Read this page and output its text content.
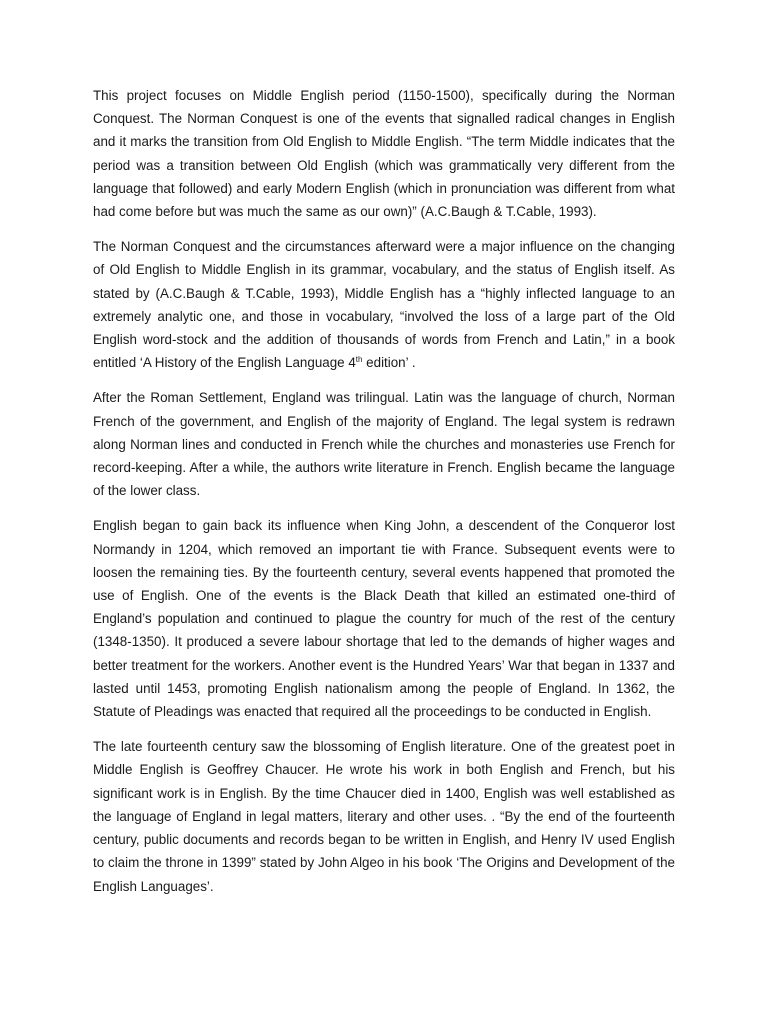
This project focuses on Middle English period (1150-1500), specifically during the Norman Conquest. The Norman Conquest is one of the events that signalled radical changes in English and it marks the transition from Old English to Middle English. “The term Middle indicates that the period was a transition between Old English (which was grammatically very different from the language that followed) and early Modern English (which in pronunciation was different from what had come before but was much the same as our own)” (A.C.Baugh & T.Cable, 1993).

The Norman Conquest and the circumstances afterward were a major influence on the changing of Old English to Middle English in its grammar, vocabulary, and the status of English itself. As stated by (A.C.Baugh & T.Cable, 1993), Middle English has a “highly inflected language to an extremely analytic one, and those in vocabulary, “involved the loss of a large part of the Old English word-stock and the addition of thousands of words from French and Latin,” in a book entitled ‘A History of the English Language 4th edition’ .

After the Roman Settlement, England was trilingual. Latin was the language of church, Norman French of the government, and English of the majority of England. The legal system is redrawn along Norman lines and conducted in French while the churches and monasteries use French for record-keeping. After a while, the authors write literature in French. English became the language of the lower class.

English began to gain back its influence when King John, a descendent of the Conqueror lost Normandy in 1204, which removed an important tie with France. Subsequent events were to loosen the remaining ties. By the fourteenth century, several events happened that promoted the use of English. One of the events is the Black Death that killed an estimated one-third of England’s population and continued to plague the country for much of the rest of the century (1348-1350). It produced a severe labour shortage that led to the demands of higher wages and better treatment for the workers. Another event is the Hundred Years’ War that began in 1337 and lasted until 1453, promoting English nationalism among the people of England. In 1362, the Statute of Pleadings was enacted that required all the proceedings to be conducted in English.

The late fourteenth century saw the blossoming of English literature. One of the greatest poet in Middle English is Geoffrey Chaucer. He wrote his work in both English and French, but his significant work is in English. By the time Chaucer died in 1400, English was well established as the language of England in legal matters, literary and other uses. . “By the end of the fourteenth century, public documents and records began to be written in English, and Henry IV used English to claim the throne in 1399” stated by John Algeo in his book ‘The Origins and Development of the English Languages’.
